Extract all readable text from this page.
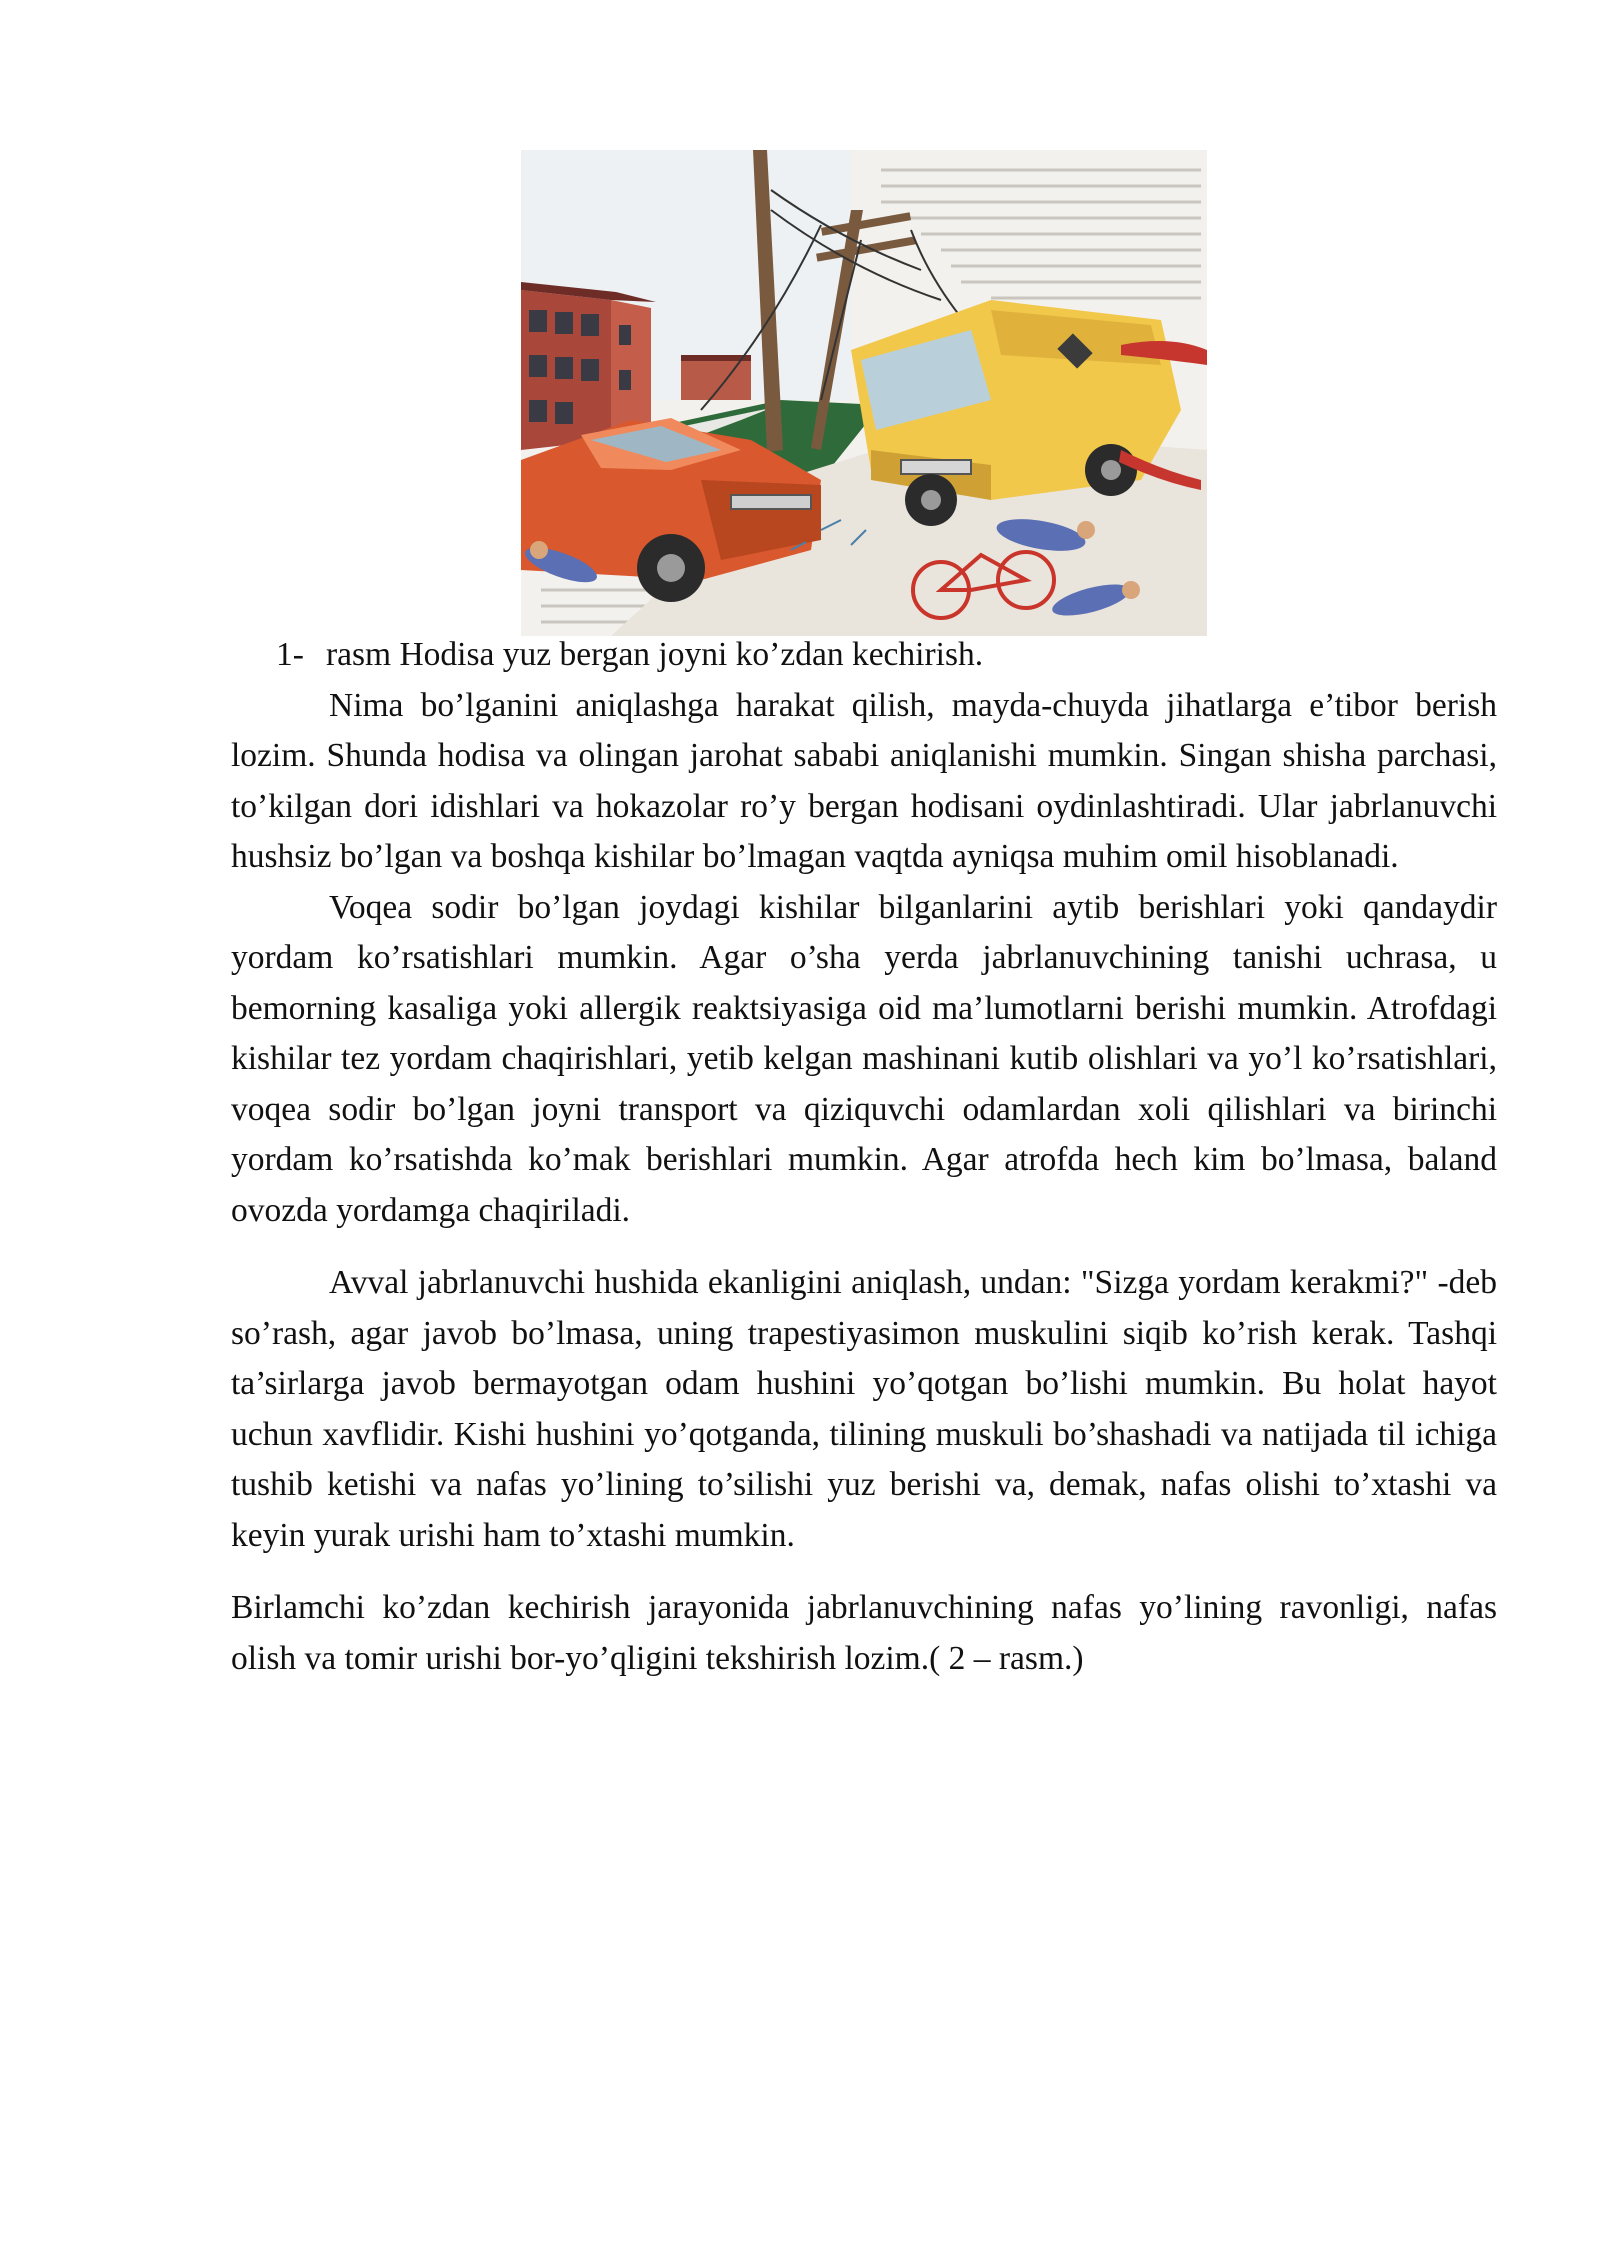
1- rasm Hodisa yuz bergan joyni ko’zdan kechirish.

Nima bo’lganini aniqlashga harakat qilish, mayda-chuyda jihatlarga e’tibor berish lozim. Shunda hodisa va olingan jarohat sababi aniqlanishi mumkin. Singan shisha parchasi, to’kilgan dori idishlari va hokazolar ro’y bergan hodisani oydinlashtiradi. Ular jabrlanuvchi hushsiz bo’lgan va boshqa kishilar bo’lmagan vaqtda ayniqsa muhim omil hisoblanadi.

Voqea sodir bo’lgan joydagi kishilar bilganlarini aytib berishlari yoki qandaydir yordam ko’rsatishlari mumkin. Agar o’sha yerda jabrlanuvchining tanishi uchrasa, u bemorning kasaliga yoki allergik reaktsiyasiga oid ma’lumotlarni berishi mumkin. Atrofdagi kishilar tez yordam chaqirishlari, yetib kelgan mashinani kutib olishlari va yo’l ko’rsatishlari, voqea sodir bo’lgan joyni transport va qiziquvchi odamlardan xoli qilishlari va birinchi yordam ko’rsatishda ko’mak berishlari mumkin. Agar atrofda hech kim bo’lmasa, baland ovozda yordamga chaqiriladi.

Avval jabrlanuvchi hushida ekanligini aniqlash, undan: "Sizga yordam kerakmi?" -deb so’rash, agar javob bo’lmasa, uning trapestiyasimon muskulini siqib ko’rish kerak. Tashqi ta’sirlarga javob bermayotgan odam hushini yo’qotgan bo’lishi mumkin. Bu holat hayot uchun xavflidir. Kishi hushini yo’qotganda, tilining muskuli bo’shashadi va natijada til ichiga tushib ketishi va nafas yo’lining to’silishi yuz berishi va, demak, nafas olishi to’xtashi va keyin yurak urishi ham to’xtashi mumkin.

Birlamchi ko’zdan kechirish jarayonida jabrlanuvchining nafas yo’lining ravonligi, nafas olish va tomir urishi bor-yo’qligini tekshirish lozim.( 2 – rasm.)
